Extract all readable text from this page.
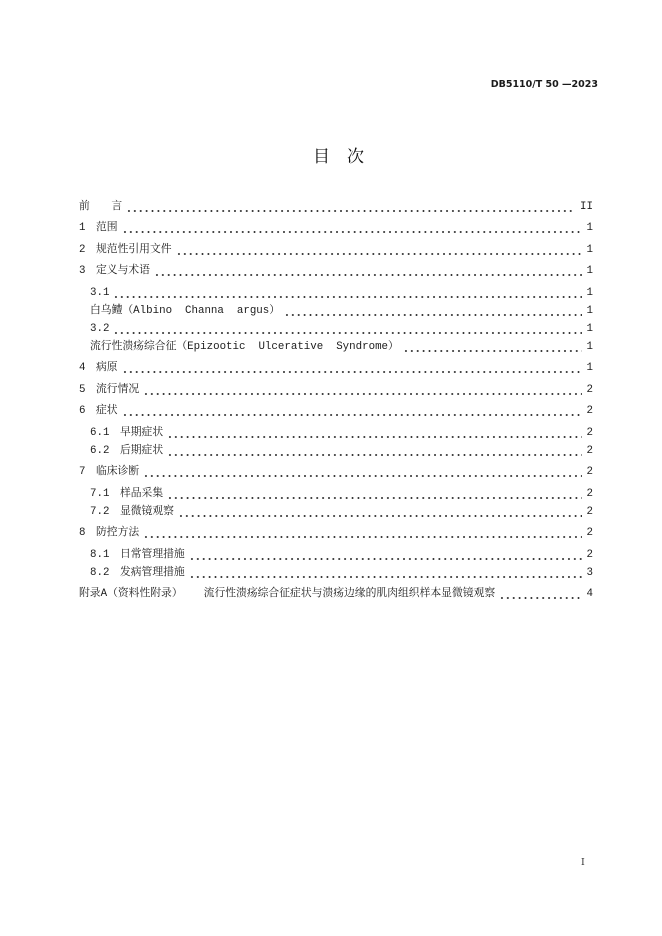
DB5110/T 50 —2023
目　次
前　　言	II
1 范围	1
2 规范性引用文件	1
3 定义与术语	1
3.1	1
白乌鳢（Albino  Channa  argus）	1
3.2	1
流行性溃疡综合征（Epizootic  Ulcerative  Syndrome）	1
4 病原	1
5 流行情况	2
6 症状	2
6.1 早期症状	2
6.2 后期症状	2
7 临床诊断	2
7.1 样品采集	2
7.2 显微镜观察	2
8 防控方法	2
8.1 日常管理措施	2
8.2 发病管理措施	3
附录A（资料性附录） 流行性溃疡综合征症状与溃疡边缘的肌肉组织样本显微镜观察	4
I
